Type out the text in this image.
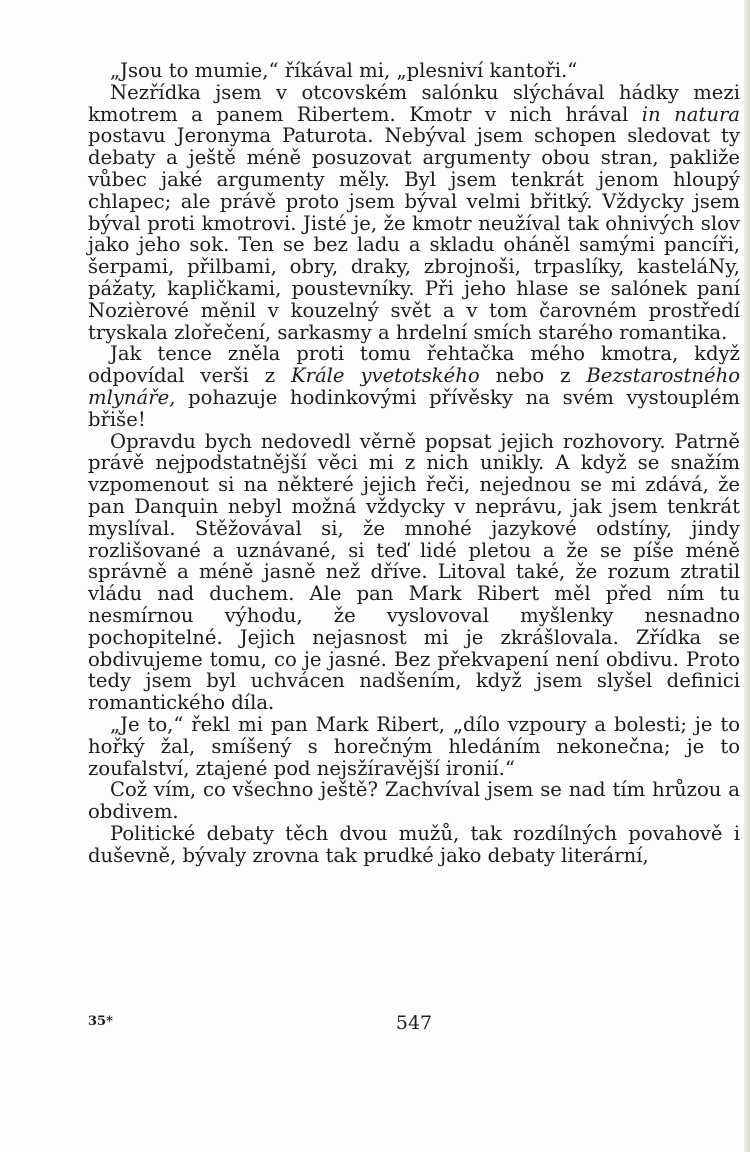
„Jsou to mumie,“ říkával mi, „plesniví kantoři.“

Nezřídka jsem v otcovském salónku slýchával hádky mezi kmotrem a panem Ribertem. Kmotr v nich hrával in natura postavu Jeronyma Paturota. Nebýval jsem schopen sledovat ty debaty a ještě méně posuzovat argumenty obou stran, pakliže vůbec jaké argumenty měly. Byl jsem tenkrát jenom hloupý chlapec; ale právě proto jsem býval velmi břitký. Vždycky jsem býval proti kmotrovi. Jisté je, že kmotr neužíval tak ohnivých slov jako jeho sok. Ten se bez ladu a skladu oháněl samými pancíři, šerpami, přilbami, obry, draky, zbrojnoši, trpaslíky, kasteláNy, pážaty, kapličkami, poustevníky. Při jeho hlase se salónek paní Nozièrové měnil v kouzelný svět a v tom čarovném prostředí tryskala zlořečení, sarkasmy a hrdelní smích starého romantika.

Jak tence zněla proti tomu řehtačka mého kmotra, když odpovídal verši z Krále yvetotského nebo z Bezstarostného mlynáře, pohazuje hodinkovými přívěsky na svém vystouplém břiše!

Opravdu bych nedovedl věrně popsat jejich rozhovory. Patrně právě nejpodstatnější věci mi z nich unikly. A když se snažím vzpomenout si na některé jejich řeči, nejednou se mi zdává, že pan Danquin nebyl možná vždycky v neprávu, jak jsem tenkrát myslíval. Stěžovával si, že mnohé jazykové odstíny, jindy rozlišované a uznávané, si teď lidé pletou a že se píše méně správně a méně jasně než dříve. Litoval také, že rozum ztratil vládu nad duchem. Ale pan Mark Ribert měl před ním tu nesmírnou výhodu, že vyslovoval myšlenky nesnadno pochopitelné. Jejich nejasnost mi je zkrášlovala. Zřídka se obdivujeme tomu, co je jasné. Bez překvapení není obdivu. Proto tedy jsem byl uchvácen nadšením, když jsem slyšel definici romantického díla.

„Je to,“ řekl mi pan Mark Ribert, „dílo vzpoury a bolesti; je to hořký žal, smíšený s horečným hledáním nekonečna; je to zoufalství, ztajené pod nejsžíravější ironií.“

Což vím, co všechno ještě? Zachvíval jsem se nad tím hrůzou a obdivem.

Politické debaty těch dvou mužů, tak rozdílných povahově i duševně, bývaly zrovna tak prudké jako debaty literární,

35*	547
